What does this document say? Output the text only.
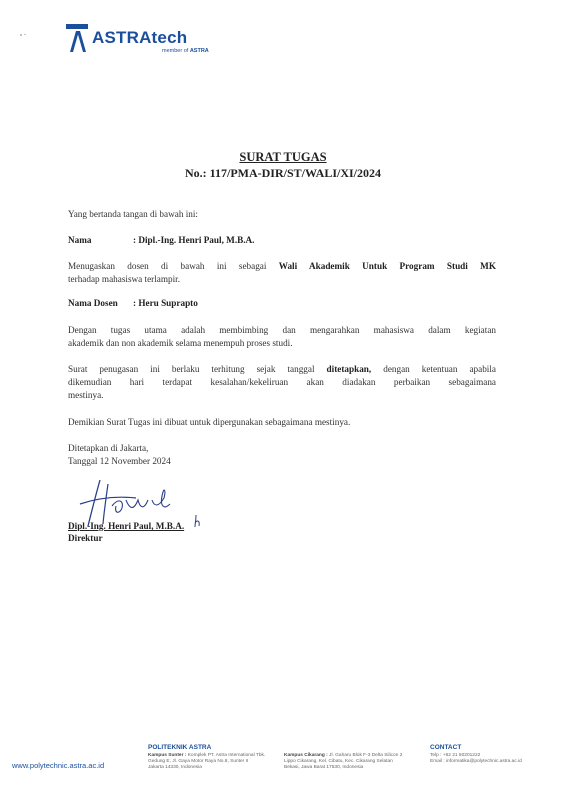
ASTRAtech
member of ASTRA
SURAT TUGAS
No.: 117/PMA-DIR/ST/WALI/XI/2024
Yang bertanda tangan di bawah ini:
Nama	: Dipl.-Ing. Henri Paul, M.B.A.
Menugaskan dosen di bawah ini sebagai Wali Akademik Untuk Program Studi MK
terhadap mahasiswa terlampir.
Nama Dosen : Heru Suprapto
Dengan tugas utama adalah membimbing dan mengarahkan mahasiswa dalam kegiatan
akademik dan non akademik selama menempuh proses studi.
Surat penugasan ini berlaku terhitung sejak tanggal ditetapkan, dengan ketentuan apabila
dikemudian hari terdapat kesalahan/kekeliruan akan diadakan perbaikan sebagaimana
mestinya.
Demikian Surat Tugas ini dibuat untuk dipergunakan sebagaimana mestinya.
Ditetapkan di Jakarta,
Tanggal 12 November 2024
Dipl.-Ing. Henri Paul, M.B.A.
Direktur
www.polytechnic.astra.ac.id
POLITEKNIK ASTRA
Kampus Sunter : Komplek PT. Astra International Tbk.
Gedung E, Jl. Gaya Motor Raya No.8, Sunter II
Jakarta 14330, Indonesia
Kampus Cikarang : Jl. Gaharu Blok F-3 Delta Silicon 2
Lippo Cikarang, Kel. Cibatu, Kec. Cikarang Selatan
Bekasi, Jawa Barat 17530, Indonesia
CONTACT
Telp : +62 21 50201222
Email : informatika@polytechnic.astra.ac.id
